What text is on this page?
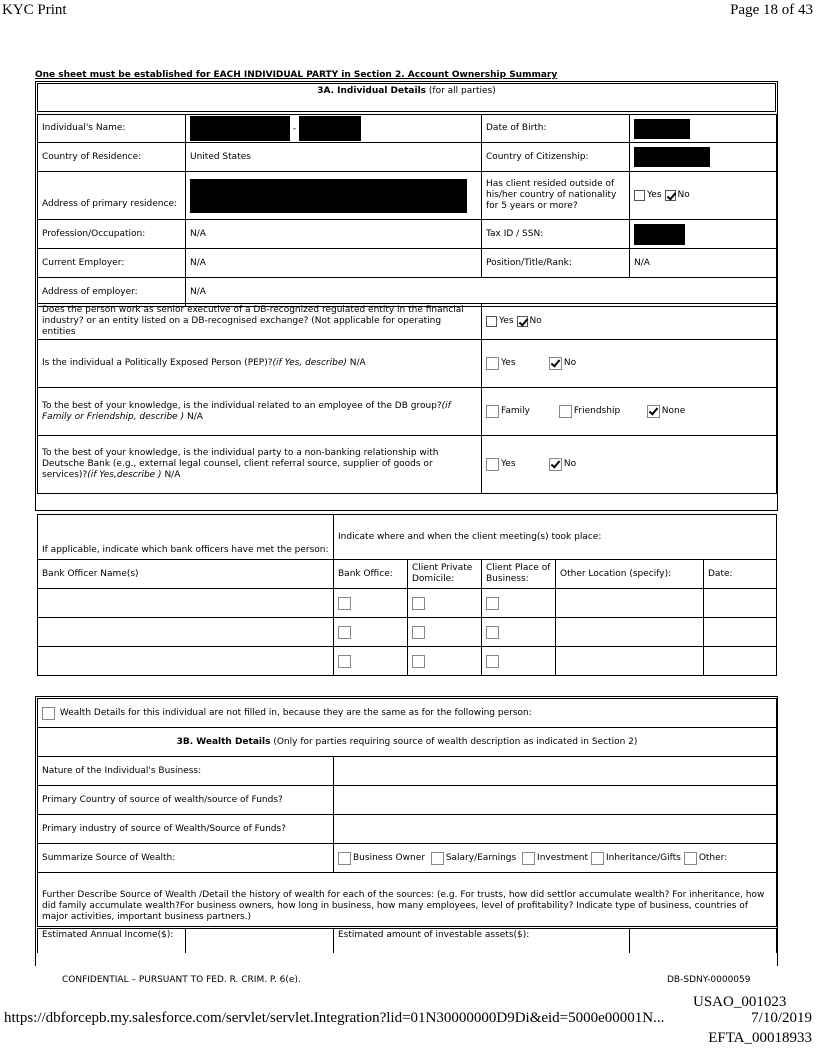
KYC Print	Page 18 of 43
One sheet must be established for EACH INDIVIDUAL PARTY in Section 2. Account Ownership Summary
3A. Individual Details (for all parties)
Individual's Name:	-	Date of Birth:	
Country of Residence:	United States	Country of Citizenship:	
Address of primary residence:		Has client resided outside of his/her country of nationality for 5 years or more?	Yes No
Profession/Occupation:	N/A	Tax ID / SSN:	
Current Employer:	N/A	Position/Title/Rank:	N/A
Address of employer:	N/A		
Does the person work as senior executive of a DB-recognized regulated entity in the financial industry? or an entity listed on a DB-recognised exchange? (Not applicable for operating entities	Yes No
Is the individual a Politically Exposed Person (PEP)?(if Yes, describe) N/A	Yes No
To the best of your knowledge, is the individual related to an employee of the DB group?(if Family or Friendship, describe ) N/A	Family Friendship None
To the best of your knowledge, is the individual party to a non-banking relationship with Deutsche Bank (e.g., external legal counsel, client referral source, supplier of goods or services)?(if Yes,describe ) N/A	Yes No
If applicable, indicate which bank officers have met the person:	Indicate where and when the client meeting(s) took place:				
Bank Officer Name(s)	Bank Office:	Client Private Domicile:	Client Place of Business:	Other Location (specify):	Date:

Wealth Details for this individual are not filled in, because they are the same as for the following person:	
3B. Wealth Details (Only for parties requiring source of wealth description as indicated in Section 2)	
Nature of the Individual's Business:	
Primary Country of source of wealth/source of Funds?	
Primary industry of source of Wealth/Source of Funds?	
Summarize Source of Wealth:	Business Owner Salary/Earnings Investment Inheritance/Gifts Other:
Further Describe Source of Wealth /Detail the history of wealth for each of the sources: (e.g. For trusts, how did settlor accumulate wealth? For inheritance, how did family accumulate wealth?For business owners, how long in business, how many employees, level of profitability? Indicate type of business, countries of major activities, important business partners.)	
Estimated Annual Income($):		Estimated amount of investable assets($):	
CONFIDENTIAL – PURSUANT TO FED. R. CRIM. P. 6(e).	DB-SDNY-0000059
USAO_001023
https://dbforcepb.my.salesforce.com/servlet/servlet.Integration?lid=01N30000000D9Di&eid=5000e00001N...	7/10/2019
EFTA_00018933
